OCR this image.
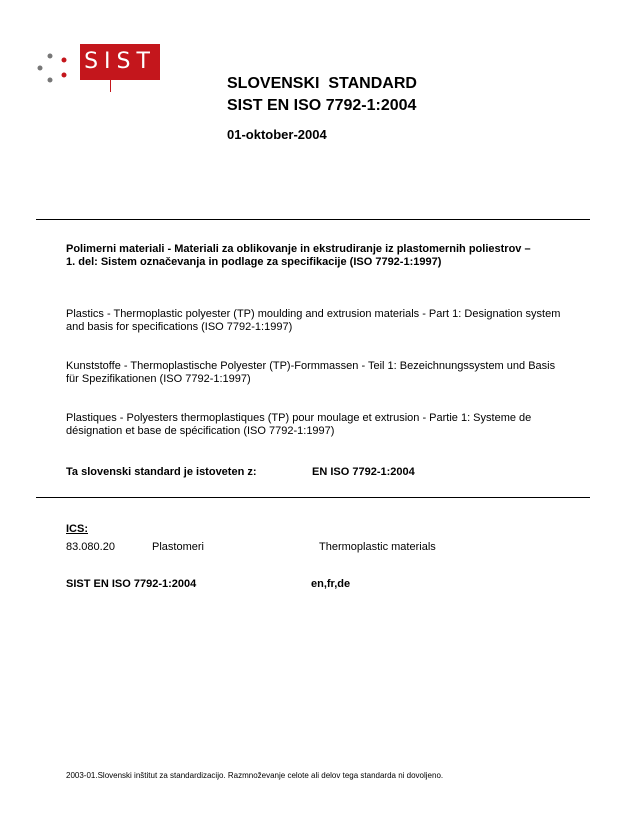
SIST
SLOVENSKI  STANDARD
SIST EN ISO 7792-1:2004
01-oktober-2004
Polimerni materiali - Materiali za oblikovanje in ekstrudiranje iz plastomernih poliestrov – 1. del: Sistem označevanja in podlage za specifikacije (ISO 7792-1:1997)
Plastics - Thermoplastic polyester (TP) moulding and extrusion materials - Part 1: Designation system and basis for specifications (ISO 7792-1:1997)
Kunststoffe - Thermoplastische Polyester (TP)-Formmassen - Teil 1: Bezeichnungssystem und Basis für Spezifikationen (ISO 7792-1:1997)
Plastiques - Polyesters thermoplastiques (TP) pour moulage et extrusion - Partie 1: Systeme de désignation et base de spécification (ISO 7792-1:1997)
Ta slovenski standard je istoveten z:	EN ISO 7792-1:2004
ICS:
83.080.20	Plastomeri	Thermoplastic materials
SIST EN ISO 7792-1:2004	en,fr,de
2003-01.Slovenski inštitut za standardizacijo. Razmnoževanje celote ali delov tega standarda ni dovoljeno.
